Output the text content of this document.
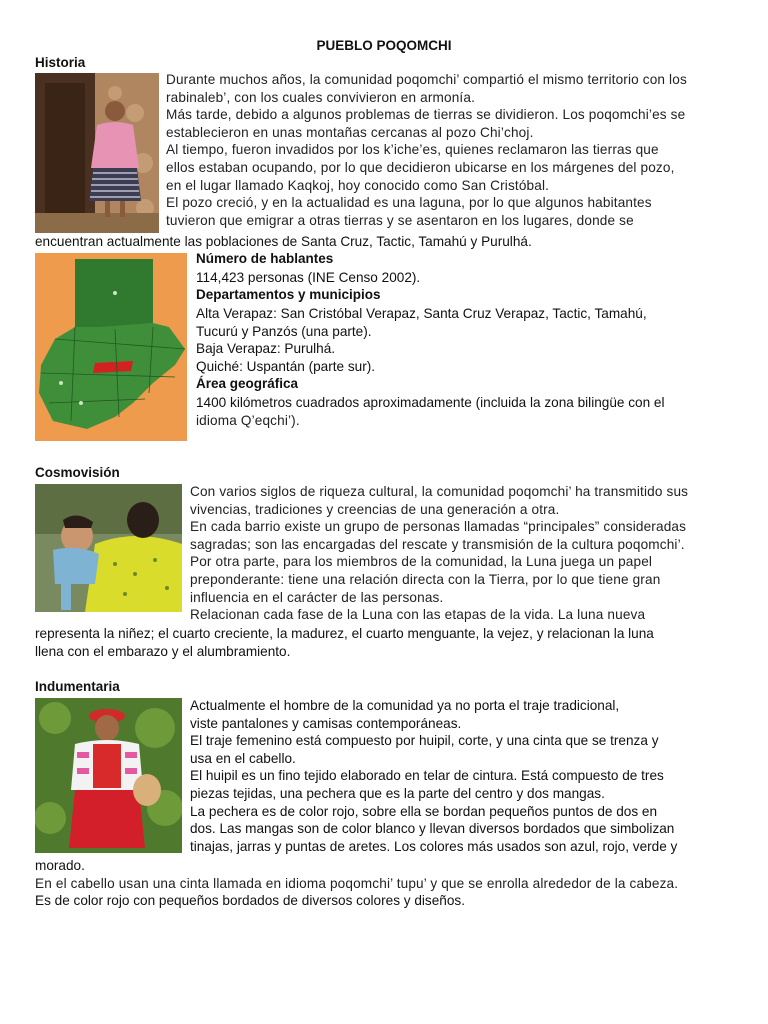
PUEBLO POQOMCHI
Historia
Durante muchos años, la comunidad poqomchi’ compartió el mismo territorio con los
rabinaleb’, con los cuales convivieron en armonía.
Más tarde, debido a algunos problemas de tierras se dividieron. Los poqomchi’es se
establecieron en unas montañas cercanas al pozo Chi’choj.
Al tiempo, fueron invadidos por los k’iche’es, quienes reclamaron las tierras que
ellos estaban ocupando, por lo que decidieron ubicarse en los márgenes del pozo,
en el lugar llamado Kaqkoj, hoy conocido como San Cristóbal.
El pozo creció, y en la actualidad es una laguna, por lo que algunos habitantes
tuvieron que emigrar a otras tierras y se asentaron en los lugares, donde se
encuentran actualmente las poblaciones de Santa Cruz, Tactic, Tamahú y Purulhá.
Número de hablantes
114,423 personas (INE Censo 2002).
Departamentos y municipios
Alta Verapaz: San Cristóbal Verapaz, Santa Cruz Verapaz, Tactic, Tamahú,
Tucurú y Panzós (una parte).
Baja Verapaz: Purulhá.
Quiché: Uspantán (parte sur).
Área geográfica
1400 kilómetros cuadrados aproximadamente (incluida la zona bilingüe con el
idioma Q’eqchi’).
Cosmovisión
Con varios siglos de riqueza cultural, la comunidad poqomchi’ ha transmitido sus
vivencias, tradiciones y creencias de una generación a otra.
En cada barrio existe un grupo de personas llamadas “principales” consideradas
sagradas; son las encargadas del rescate y transmisión de la cultura poqomchi’.
Por otra parte, para los miembros de la comunidad, la Luna juega un papel
preponderante: tiene una relación directa con la Tierra, por lo que tiene gran
influencia en el carácter de las personas.
Relacionan cada fase de la Luna con las etapas de la vida. La luna nueva
representa la niñez; el cuarto creciente, la madurez, el cuarto menguante, la vejez, y relacionan la luna
llena con el embarazo y el alumbramiento.
Indumentaria
Actualmente el hombre de la comunidad ya no porta el traje tradicional,
viste pantalones y camisas contemporáneas.
El traje femenino está compuesto por huipil, corte, y una cinta que se trenza y
usa en el cabello.
El huipil es un fino tejido elaborado en telar de cintura. Está compuesto de tres
piezas tejidas, una pechera que es la parte del centro y dos mangas.
La pechera es de color rojo, sobre ella se bordan pequeños puntos de dos en
dos. Las mangas son de color blanco y llevan diversos bordados que simbolizan
tinajas, jarras y puntas de aretes. Los colores más usados son azul, rojo, verde y
morado.
En el cabello usan una cinta llamada en idioma poqomchi’ tupu’ y que se enrolla alrededor de la cabeza.
Es de color rojo con pequeños bordados de diversos colores y diseños.
